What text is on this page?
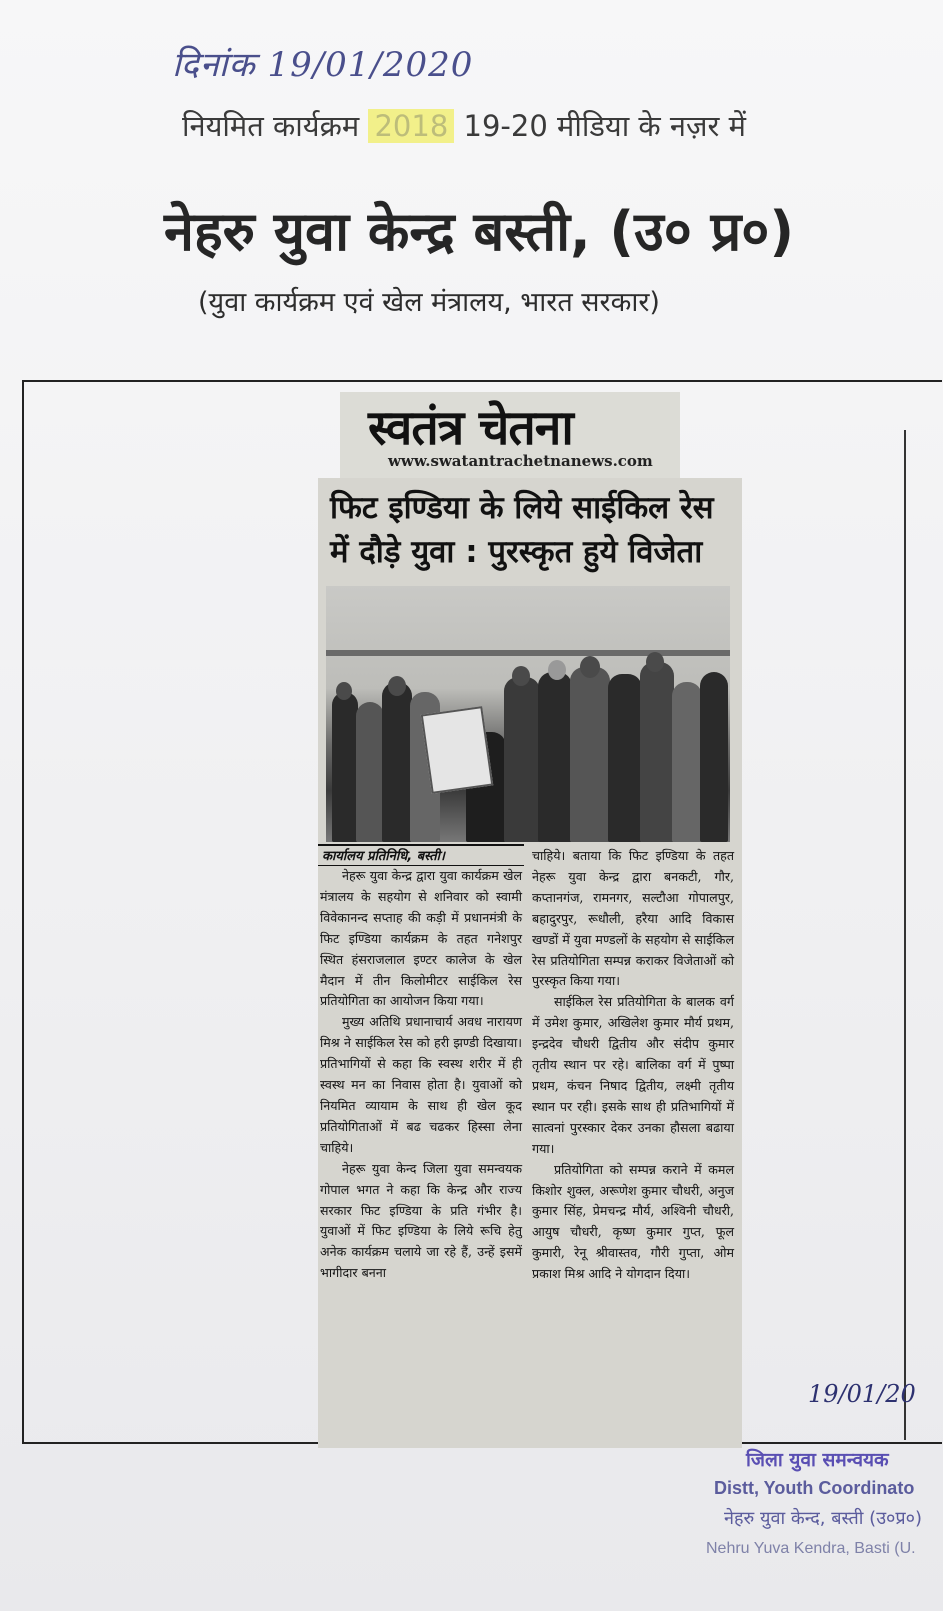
दिनांक 19/01/2020
नियमित कार्यक्रम 2018 19-20 मीडिया के नज़र में
नेहरु युवा केन्द्र बस्ती, (उ० प्र०)
(युवा कार्यक्रम एवं खेल मंत्रालय, भारत सरकार)
स्वतंत्र चेतना
www.swatantrachetnanews.com
फिट इण्डिया के लिये साईकिल रेस में दौड़े युवा : पुरस्कृत हुये विजेता
कार्यालय प्रतिनिधि, बस्ती।

नेहरू युवा केन्द्र द्वारा युवा कार्यक्रम खेल मंत्रालय के सहयोग से शनिवार को स्वामी विवेकानन्द सप्ताह की कड़ी में प्रधानमंत्री के फिट इण्डिया कार्यक्रम के तहत गनेशपुर स्थित हंसराजलाल इण्टर कालेज के खेल मैदान में तीन किलोमीटर साईकिल रेस प्रतियोगिता का आयोजन किया गया।

मुख्य अतिथि प्रधानाचार्य अवध नारायण मिश्र ने साईकिल रेस को हरी झण्डी दिखाया। प्रतिभागियों से कहा कि स्वस्थ शरीर में ही स्वस्थ मन का निवास होता है। युवाओं को नियमित व्यायाम के साथ ही खेल कूद प्रतियोगिताओं में बढ चढकर हिस्सा लेना चाहिये।

नेहरू युवा केन्द जिला युवा समन्वयक गोपाल भगत ने कहा कि केन्द्र और राज्य सरकार फिट इण्डिया के प्रति गंभीर है। युवाओं में फिट इण्डिया के लिये रूचि हेतु अनेक कार्यक्रम चलाये जा रहे हैं, उन्हें इसमें भागीदार बनना

चाहिये। बताया कि फिट इण्डिया के तहत नेहरू युवा केन्द्र द्वारा बनकटी, गौर, कप्तानगंज, रामनगर, सल्टौआ गोपालपुर, बहादुरपुर, रूधौली, हरैया आदि विकास खण्डों में युवा मण्डलों के सहयोग से साईकिल रेस प्रतियोगिता सम्पन्न कराकर विजेताओं को पुरस्कृत किया गया।

साईकिल रेस प्रतियोगिता के बालक वर्ग में उमेश कुमार, अखिलेश कुमार मौर्य प्रथम, इन्द्रदेव चौधरी द्वितीय और संदीप कुमार तृतीय स्थान पर रहे। बालिका वर्ग में पुष्पा प्रथम, कंचन निषाद द्वितीय, लक्ष्मी तृतीय स्थान पर रही। इसके साथ ही प्रतिभागियों में सात्वनां पुरस्कार देकर उनका हौसला बढाया गया।

प्रतियोगिता को सम्पन्न कराने में कमल किशोर शुक्ल, अरूणेश कुमार चौधरी, अनुज कुमार सिंह, प्रेमचन्द्र मौर्य, अश्विनी चौधरी, आयुष चौधरी, कृष्ण कुमार गुप्त, फूल कुमारी, रेनू श्रीवास्तव, गौरी गुप्ता, ओम प्रकाश मिश्र आदि ने योगदान दिया।

19/01/20
जिला युवा समन्वयक
Distt, Youth Coordinato
नेहरु युवा केन्द, बस्ती (उ०प्र०)
Nehru Yuva Kendra, Basti (U.
